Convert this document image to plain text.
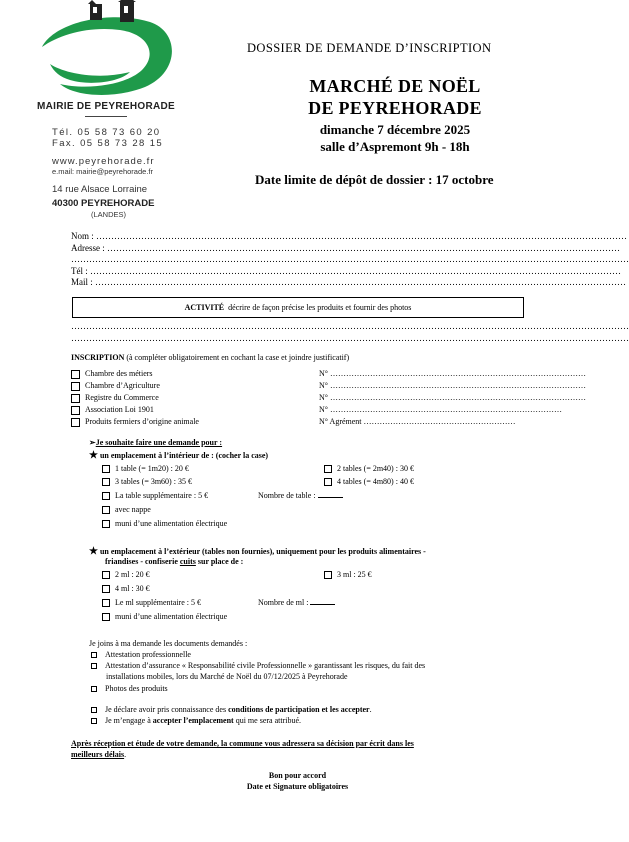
MAIRIE DE PEYREHORADE
Tél. 05 58 73 60 20
Fax. 05 58 73 28 15
www.peyrehorade.fr
e.mail: mairie@peyrehorade.fr
14 rue Alsace Lorraine
40300 PEYREHORADE
(LANDES)
DOSSIER DE DEMANDE D’INSCRIPTION
MARCHÉ DE NOËL
DE PEYREHORADE
dimanche 7 décembre 2025
salle d’Aspremont 9h - 18h
Date limite de dépôt de dossier : 17 octobre
Nom : ……………………………………………………………………………………………………………………………………………………………
Adresse : ………………………………………………………………………………………………………………………………………………………
……………………………………………………………………………………………………………………………………………………………………
Tél : ……………………………………………………………………………………………………………………………………………………………
Mail : ……………………………………………………………………………………………………………………………………………………………
ACTIVITÉ décrire de façon précise les produits et fournir des photos
……………………………………………………………………………………………………………………………………………………………………
……………………………………………………………………………………………………………………………………………………………………
INSCRIPTION (à compléter obligatoirement en cochant la case et joindre justificatif)
Chambre des métiers	N° ……………………………………………………………………………………
Chambre d’Agriculture	N° ……………………………………………………………………………………
Registre du Commerce	N° ……………………………………………………………………………………
Association Loi 1901	N° ……………………………………………………………………………
Produits fermiers d’origine animale	N° Agrément …………………………………………………
➢Je souhaite faire une demande pour :
★ un emplacement à l’intérieur de : (cocher la case)
1 table (= 1m20) : 20 €	2 tables (= 2m40) : 30 €
3 tables (= 3m60) : 35 €	4 tables (= 4m80) : 40 €
La table supplémentaire : 5 €	Nombre de table :
avec nappe
muni d’une alimentation électrique
★ un emplacement à l’extérieur (tables non fournies), uniquement pour les produits alimentaires -
friandises - confiserie cuits sur place de :
2 ml : 20 €	3 ml : 25 €
4 ml : 30 €
Le ml supplémentaire : 5 €	Nombre de ml :
muni d’une alimentation électrique
Je joins à ma demande les documents demandés :
Attestation professionnelle
Attestation d’assurance « Responsabilité civile Professionnelle » garantissant les risques, du fait des
installations mobiles, lors du Marché de Noël du 07/12/2025 à Peyrehorade
Photos des produits
Je déclare avoir pris connaissance des conditions de participation et les accepter.
Je m’engage à accepter l’emplacement qui me sera attribué.
Après réception et étude de votre demande, la commune vous adressera sa décision par écrit dans les
meilleurs délais.
Bon pour accord
Date et Signature obligatoires
